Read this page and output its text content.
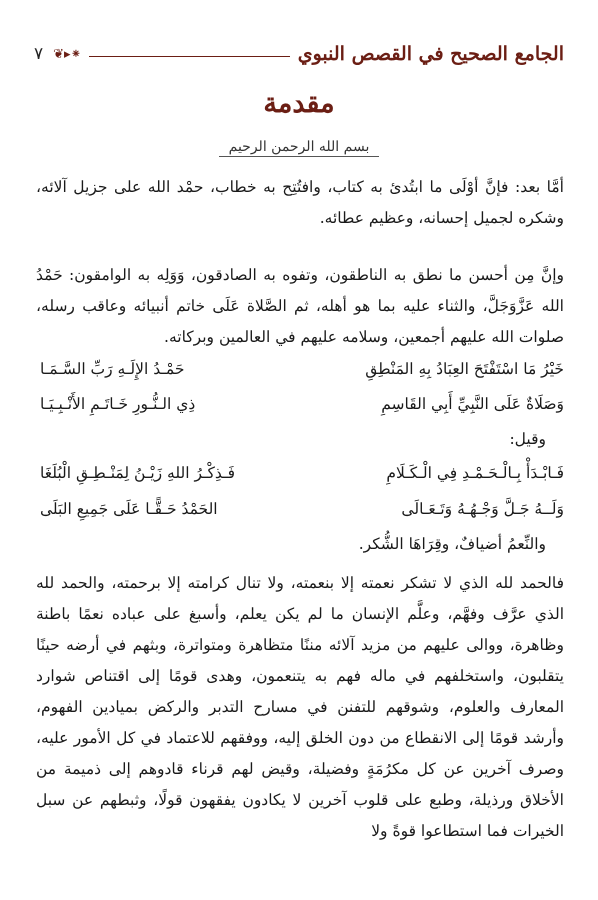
الجامع الصحيح في القصص النبوي
⁕▸❦
٧
مقدمة
بسم الله الرحمن الرحيم
أمَّا بعد: فإنَّ أوْلَى ما ابتُدئ به كتاب، وافتُتِح به خطاب، حمْد الله على جزيل آلائه، وشكره لجميل إحسانه، وعظيم عطائه.
وإنَّ مِن أحسن ما نطق به الناطقون، وتفوه به الصادقون، وَوَلِه به الوامقون: حَمْدُ الله عَزَّوَجَلَّ، والثناء عليه بما هو أهله، ثم الصَّلاة عَلَى خاتم أنبيائه وعاقب رسله، صلوات الله عليهم أجمعين، وسلامه عليهم في العالمين وبركاته.
خَيْرُ مَا اسْتَفْتَحَ العِبَادُ بِهِ المَنْطِقِ
حَمْـدُ الإِلَـهِ رَبِّ السَّـمَـا
وَصَلَاةٌ عَلَى النَّبِيِّ أَبِي القَاسِمِ
ذِي الـنُّـورِ خَـاتَـمِ الأَنْـبِـيَـا
وقيل:
فَـابْـدَأْ بِـالْـحَـمْـدِ فِي الْـكَـلَامِ
فَـذِكْـرُ اللهِ زَيْـنُ لِمَنْـطِـقِ الْبُلَغَا
وَلَــهُ جَـلَّ وَجْـهُـهُ وَتَـعَـالَى
الحَمْدُ حَـقًّـا عَلَى جَمِيعِ البَلَى
والنِّعمُ أضيافٌ، وقِرَاهَا الشُّكر.
فالحمد لله الذي لا تشكر نعمته إلا بنعمته، ولا تنال كرامته إلا برحمته، والحمد لله الذي عرَّف وفهَّم، وعلَّم الإنسان ما لم يكن يعلم، وأسبغ على عباده نعمًا باطنة وظاهرة، ووالى عليهم من مزيد آلائه مننًا متظاهرة ومتواترة، وبثهم في أرضه حينًا يتقلبون، واستخلفهم في ماله فهم به يتنعمون، وهدى قومًا إلى اقتناص شوارد المعارف والعلوم، وشوقهم للتفنن في مسارح التدبر والركض بميادين الفهوم، وأرشد قومًا إلى الانقطاع من دون الخلق إليه، ووفقهم للاعتماد في كل الأمور عليه، وصرف آخرين عن كل مكرُمَةٍ وفضيلة، وقيض لهم قرناء قادوهم إلى ذميمة من الأخلاق ورذيلة، وطبع على قلوب آخرين لا يكادون يفقهون قولًا، وثبطهم عن سبل الخيرات فما استطاعوا قوةً ولا
